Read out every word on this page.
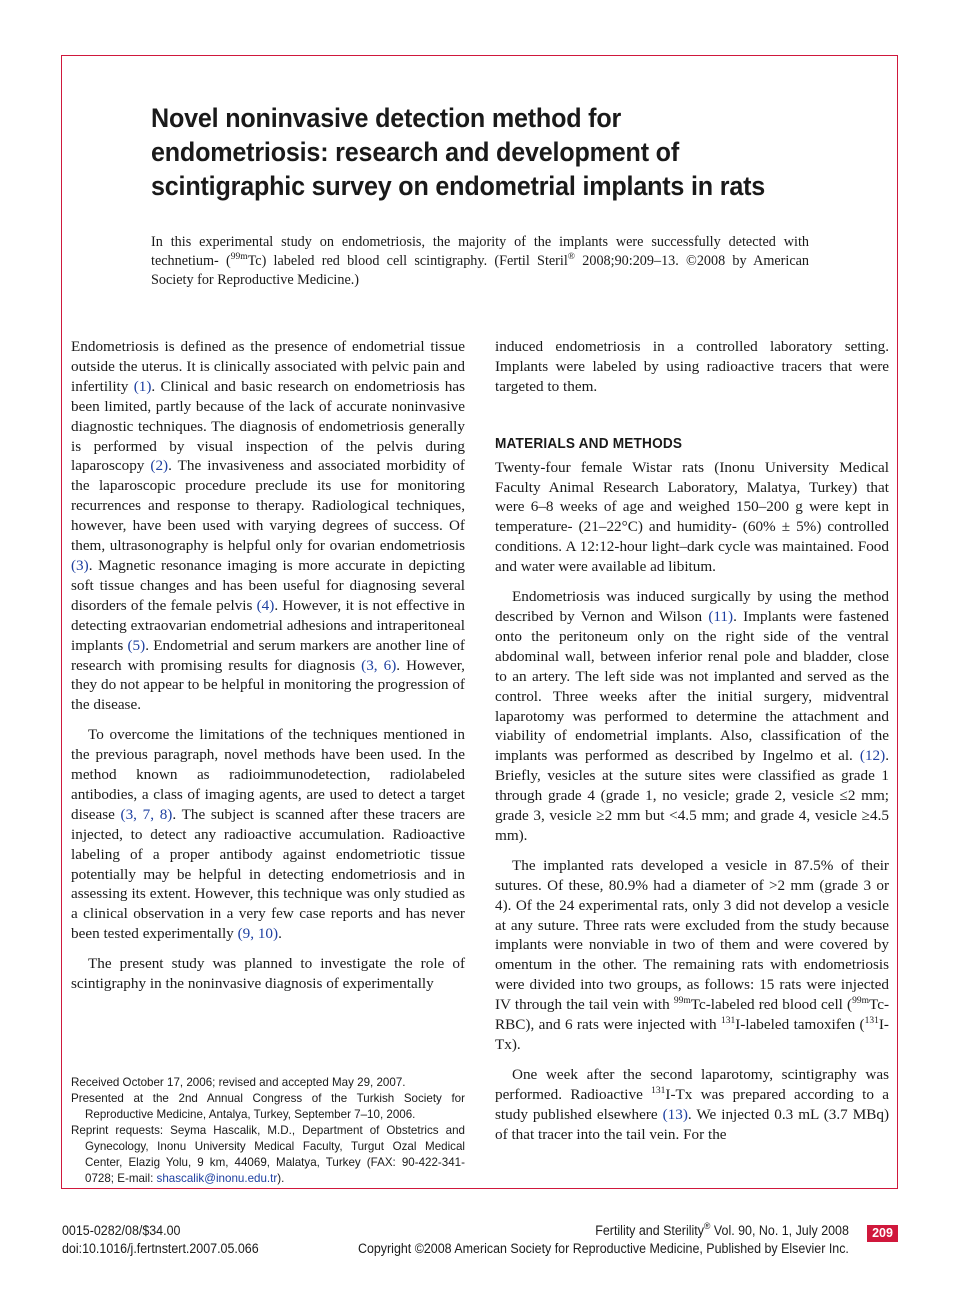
Novel noninvasive detection method for
endometriosis: research and development of
scintigraphic survey on endometrial implants in rats

In this experimental study on endometriosis, the majority of the implants were successfully detected with technetium- ($^{99m}$Tc) labeled red blood cell scintigraphy. (Fertil Steril® 2008;90:209–13. ©2008 by American Society for Reproductive Medicine.)

Endometriosis is defined as the presence of endometrial tissue outside the uterus. It is clinically associated with pelvic pain and infertility (1). Clinical and basic research on endometriosis has been limited, partly because of the lack of accurate noninvasive diagnostic techniques. The diagnosis of endometriosis generally is performed by visual inspection of the pelvis during laparoscopy (2). The invasiveness and associated morbidity of the laparoscopic procedure preclude its use for monitoring recurrences and response to therapy. Radiological techniques, however, have been used with varying degrees of success. Of them, ultrasonography is helpful only for ovarian endometriosis (3). Magnetic resonance imaging is more accurate in depicting soft tissue changes and has been useful for diagnosing several disorders of the female pelvis (4). However, it is not effective in detecting extraovarian endometrial adhesions and intraperitoneal implants (5). Endometrial and serum markers are another line of research with promising results for diagnosis (3, 6). However, they do not appear to be helpful in monitoring the progression of the disease.

To overcome the limitations of the techniques mentioned in the previous paragraph, novel methods have been used. In the method known as radioimmunodetection, radiolabeled antibodies, a class of imaging agents, are used to detect a target disease (3, 7, 8). The subject is scanned after these tracers are injected, to detect any radioactive accumulation. Radioactive labeling of a proper antibody against endometriotic tissue potentially may be helpful in detecting endometriosis and in assessing its extent. However, this technique was only studied as a clinical observation in a very few case reports and has never been tested experimentally (9, 10).

The present study was planned to investigate the role of scintigraphy in the noninvasive diagnosis of experimentally

induced endometriosis in a controlled laboratory setting. Implants were labeled by using radioactive tracers that were targeted to them.

MATERIALS AND METHODS

Twenty-four female Wistar rats (Inonu University Medical Faculty Animal Research Laboratory, Malatya, Turkey) that were 6–8 weeks of age and weighed 150–200 g were kept in temperature- (21–22°C) and humidity- (60% ± 5%) controlled conditions. A 12:12-hour light–dark cycle was maintained. Food and water were available ad libitum.

Endometriosis was induced surgically by using the method described by Vernon and Wilson (11). Implants were fastened onto the peritoneum only on the right side of the ventral abdominal wall, between inferior renal pole and bladder, close to an artery. The left side was not implanted and served as the control. Three weeks after the initial surgery, midventral laparotomy was performed to determine the attachment and viability of endometrial implants. Also, classification of the implants was performed as described by Ingelmo et al. (12). Briefly, vesicles at the suture sites were classified as grade 1 through grade 4 (grade 1, no vesicle; grade 2, vesicle ≤2 mm; grade 3, vesicle ≥2 mm but <4.5 mm; and grade 4, vesicle ≥4.5 mm).

The implanted rats developed a vesicle in 87.5% of their sutures. Of these, 80.9% had a diameter of >2 mm (grade 3 or 4). Of the 24 experimental rats, only 3 did not develop a vesicle at any suture. Three rats were excluded from the study because implants were nonviable in two of them and were covered by omentum in the other. The remaining rats with endometriosis were divided into two groups, as follows: 15 rats were injected IV through the tail vein with $^{99m}$Tc-labeled red blood cell ($^{99m}$Tc-RBC), and 6 rats were injected with $^{131}$I-labeled tamoxifen ($^{131}$I-Tx).

One week after the second laparotomy, scintigraphy was performed. Radioactive $^{131}$I-Tx was prepared according to a study published elsewhere (13). We injected 0.3 mL (3.7 MBq) of that tracer into the tail vein. For the

Received October 17, 2006; revised and accepted May 29, 2007.

Presented at the 2nd Annual Congress of the Turkish Society for Reproductive Medicine, Antalya, Turkey, September 7–10, 2006.

Reprint requests: Seyma Hascalik, M.D., Department of Obstetrics and Gynecology, Inonu University Medical Faculty, Turgut Ozal Medical Center, Elazig Yolu, 9 km, 44069, Malatya, Turkey (FAX: 90-422-341-0728; E-mail: shascalik@inonu.edu.tr).

0015-0282/08/$34.00
doi:10.1016/j.fertnstert.2007.05.066
Fertility and Sterility® Vol. 90, No. 1, July 2008
Copyright ©2008 American Society for Reproductive Medicine, Published by Elsevier Inc.
209
